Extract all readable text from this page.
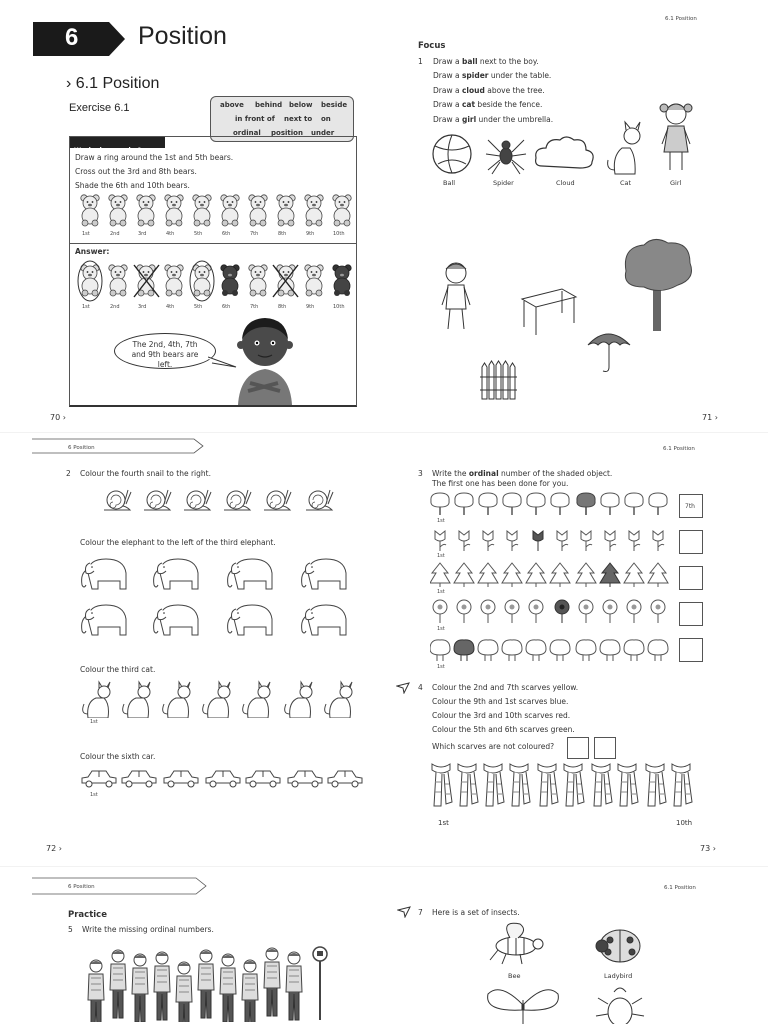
6 Position
› 6.1 Position
Exercise 6.1	above behind below beside
in front of next to on
ordinal position under
Worked example 1
Draw a ring around the 1st and 5th bears.
Cross out the 3rd and 8th bears.
Shade the 6th and 10th bears.
1st	2nd	3rd	4th	5th	6th	7th	8th	9th	10th
Answer:
1st	2nd	3rd	4th	5th	6th	7th	8th	9th	10th
The 2nd, 4th, 7th and 9th bears are left.
70 ›
6.1 Position
Focus
1 Draw a ball next to the boy.
Draw a spider under the table.
Draw a cloud above the tree.
Draw a cat beside the fence.
Draw a girl under the umbrella.
Ball	Spider	Cloud	Cat	Girl
71 ›
6 Position
2 Colour the fourth snail to the right.
Colour the elephant to the left of the third elephant.
Colour the third cat.
1st
Colour the sixth car.
1st
72 ›
6.1 Position
3 Write the ordinal number of the shaded object.
The first one has been done for you.
1st
1st
1st
1st
1st
7th
4 Colour the 2nd and 7th scarves yellow.
Colour the 9th and 1st scarves blue.
Colour the 3rd and 10th scarves red.
Colour the 5th and 6th scarves green.
Which scarves are not coloured?
1st	10th
73 ›
6 Position
Practice
5 Write the missing ordinal numbers.
6.1 Position
7 Here is a set of insects.
Bee	Ladybird
